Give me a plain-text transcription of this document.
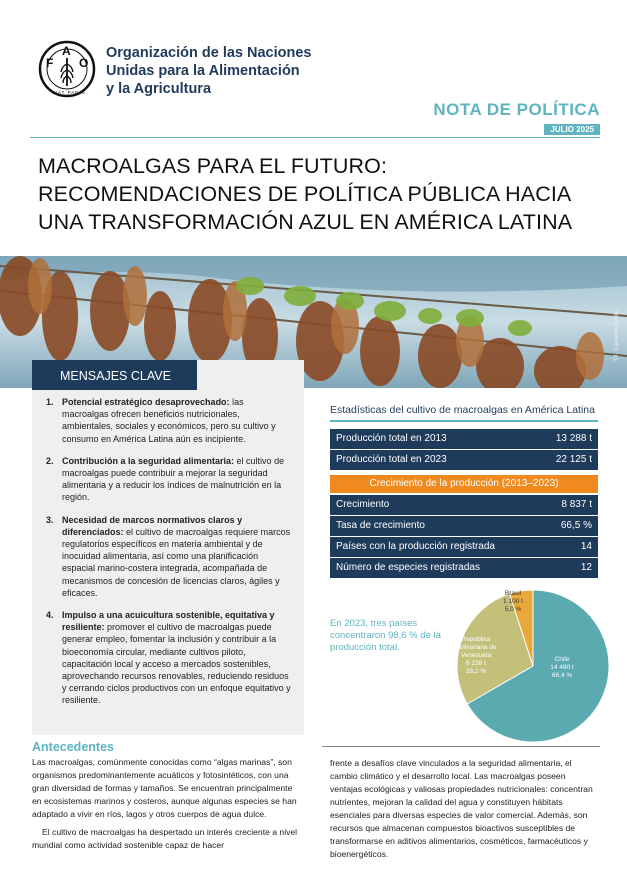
F
A
O
FIAT PANIS
Organización de las Naciones
Unidas para la Alimentación
y la Agricultura
NOTA DE POLÍTICA
JULIO 2025
MACROALGAS PARA EL FUTURO:
RECOMENDACIONES DE POLÍTICA PÚBLICA HACIA
UNA TRANSFORMACIÓN AZUL EN AMÉRICA LATINA
©I. Cáceres/Chile
MENSAJES CLAVE
1. Potencial estratégico desaprovechado: las macroalgas ofrecen beneficios nutricionales, ambientales, sociales y económicos, pero su cultivo y consumo en América Latina aún es incipiente.
2. Contribución a la seguridad alimentaria: el cultivo de macroalgas puede contribuir a mejorar la seguridad alimentaria y a reducir los índices de malnutrición en la región.
3. Necesidad de marcos normativos claros y diferenciados: el cultivo de macroalgas requiere marcos regulatorios específicos en materia ambiental y de inocuidad alimentaria, así como una planificación espacial marino-costera integrada, acompañada de mecanismos de concesión de licencias claros, ágiles y eficaces.
4. Impulso a una acuicultura sostenible, equitativa y resiliente: promover el cultivo de macroalgas puede generar empleo, fomentar la inclusión y contribuir a la bioeconomía circular, mediante cultivos piloto, capacitación local y acceso a mercados sostenibles, aprovechando recursos renovables, reduciendo residuos y cerrando ciclos productivos con un enfoque equitativo y resiliente.
Estadísticas del cultivo de macroalgas en América Latina
Producción total en 2013	13 288 t
Producción total en 2023	22 125 t
Crecimiento de la producción (2013–2023)
Crecimiento	8 837 t
Tasa de crecimiento	66,5 %
Países con la producción registrada	14
Número de especies registradas	12
En 2023, tres países concentraron 98,6 % de la producción total.
Chile
14 480 t
66,4 %
República Bolivariana de Venezuela
6 238 t
28,2 %
Brasil
1 100 t
5,0 %
Antecedentes

Las macroalgas, comúnmente conocidas como “algas marinas”, son organismos predominantemente acuáticos y fotosintéticos, con una gran diversidad de formas y tamaños. Se encuentran principalmente en ecosistemas marinos y costeros, aunque algunas especies se han adaptado a vivir en ríos, lagos y otros cuerpos de agua dulce.

El cultivo de macroalgas ha despertado un interés creciente a nivel mundial como actividad sostenible capaz de hacer

frente a desafíos clave vinculados a la seguridad alimentaria, el cambio climático y el desarrollo local. Las macroalgas poseen ventajas ecológicas y valiosas propiedades nutricionales: concentran nutrientes, mejoran la calidad del agua y constituyen hábitats esenciales para diversas especies de valor comercial. Además, son recursos que almacenan compuestos bioactivos susceptibles de transformarse en aditivos alimentarios, cosméticos, farmacéuticos y bioenergéticos.
